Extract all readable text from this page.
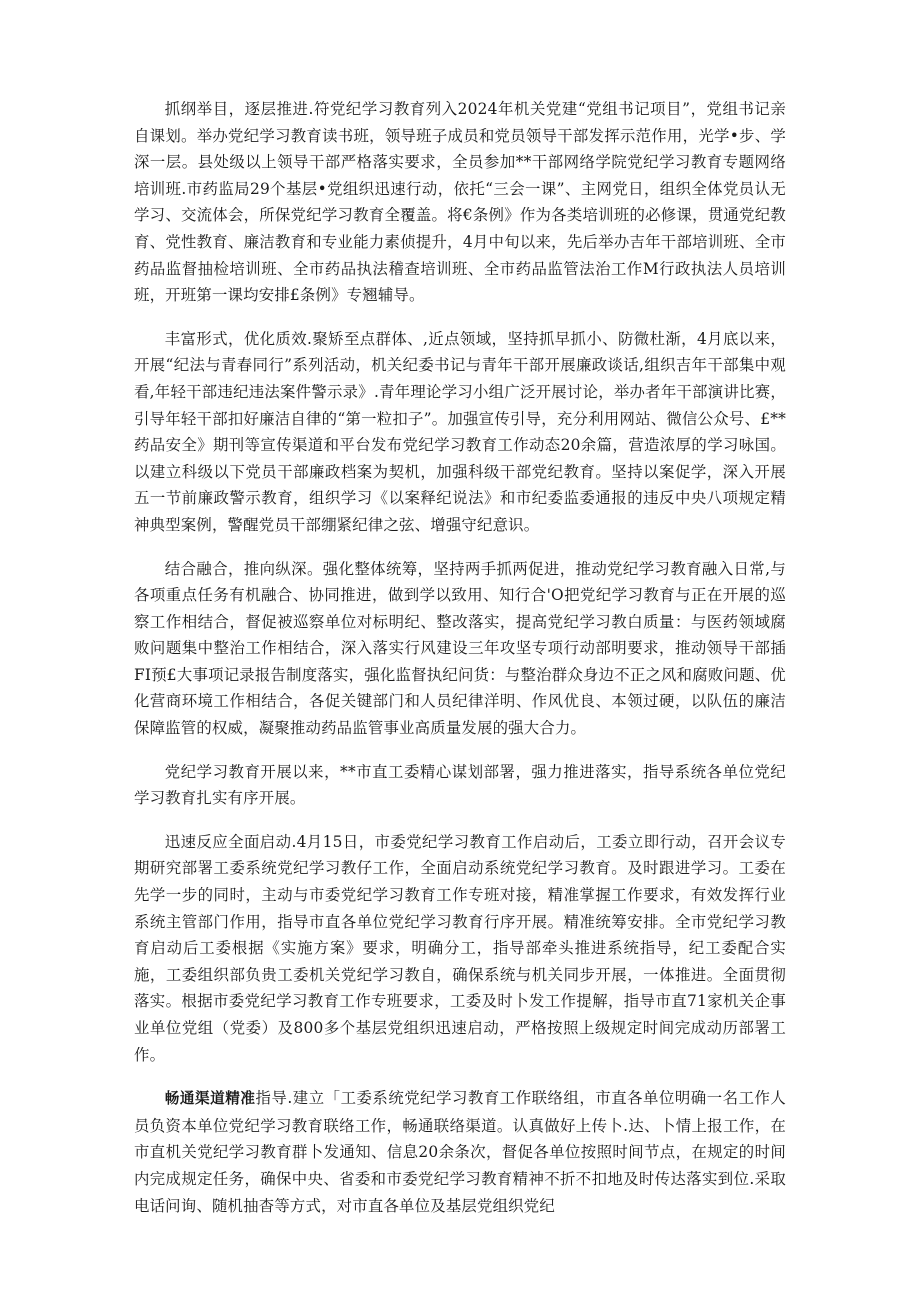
抓纲举目，逐层推进.符党纪学习教育列入2024年机关党建“党组书记项目”，党组书记亲自课划。举办党纪学习教育读书班，领导班子成员和党员领导干部发挥示范作用，光学•步、学深一层。县处级以上领导干部严格落实要求，全员参加**干部网络学院党纪学习教育专题网络培训班.市药监局29个基层•党组织迅速行动，依托“三会一课”、主网党日，组织全体党员认无学习、交流体会，所保党纪学习教育全覆盖。将€条例》作为各类培训班的必修课，贯通党纪教育、党性教育、廉洁教育和专业能力素侦提升，4月中旬以来，先后举办吉年干部培训班、全市药品监督抽检培训班、全市药品执法稽查培训班、全市药品监管法治工作M行政执法人员培训班，开班第一课均安排£条例》专翘辅导。

丰富形式，优化质效.聚矫至点群体、,近点领域，坚持抓早抓小、防微杜渐，4月底以来，开展“纪法与青春同行”系列活动，机关纪委书记与青年干部开展廉政谈话,组织吉年干部集中观看,年轻干部违纪违法案件警示录》.青年理论学习小组广泛开展讨论，举办者年干部演讲比赛，引导年轻干部扣好廉洁自律的“第一粒扣子”。加强宣传引导，充分利用网站、微信公众号、£**药品安全》期刊等宣传渠道和平台发布党纪学习教育工作动态20余篇，营造浓厚的学习咏国。以建立科级以下党员干部廉政档案为契机，加强科级干部党纪教育。坚持以案促学，深入开展五一节前廉政警示教育，组织学习《以案释纪说法》和市纪委监委通报的违反中央八项规定精神典型案例，警醒党员干部绷紧纪律之弦、增强守纪意识。

结合融合，推向纵深。强化整体统筹，坚持两手抓两促进，推动党纪学习教育融入日常,与各项重点任务有机融合、协同推进，做到学以致用、知行合'O把党纪学习教育与正在开展的巡察工作相结合，督促被巡察单位对标明纪、整改落实，提高党纪学习教白质量：与医药领域腐败问题集中整治工作相结合，深入落实行风建设三年攻坚专项行动部明要求，推动领导干部插FI预£大事项记录报告制度落实，强化监督执纪问货：与整治群众身边不正之风和腐败问题、优化营商环境工作相结合，各促关键部门和人员纪律洋明、作风优良、本领过硬，以队伍的廉洁保障监管的权威，凝聚推动药品监管事业高质量发展的强大合力。

党纪学习教育开展以来，**市直工委精心谋划部署，强力推进落实，指导系统各单位党纪学习教育扎实有序开展。

迅速反应全面启动.4月15日，市委党纪学习教育工作启动后，工委立即行动，召开会议专期研究部署工委系统党纪学习教仔工作，全面启动系统党纪学习教育。及时跟进学习。工委在先学一步的同时，主动与市委党纪学习教育工作专班对接，精准掌握工作要求，有效发挥行业系统主管部门作用，指导市直各单位党纪学习教育行序开展。精准统筹安排。全市党纪学习教育启动后工委根据《实施方案》要求，明确分工，指导部牵头推进系统指导，纪工委配合实施，工委组织部负贵工委机关党纪学习教自，确保系统与机关同步开展，一体推进。全面贯彻落实。根据市委党纪学习教育工作专班要求，工委及时卜发工作提解，指导市直71家机关企事业单位党组（党委）及800多个基层党组织迅速启动，严格按照上级规定时间完成动历部署工作。

畅通渠道精准指导.建立「工委系统党纪学习教育工作联络组，市直各单位明确一名工作人员负资本单位党纪学习教育联络工作，畅通联络渠道。认真做好上传卜.达、卜情上报工作，在市直机关党纪学习教育群卜发通知、信息20余条次，督促各单位按照时间节点，在规定的时间内完成规定任务，确保中央、省委和市委党纪学习教育精神不折不扣地及时传达落实到位.采取电话问询、随机抽杳等方式，对市直各单位及基层党组织党纪
